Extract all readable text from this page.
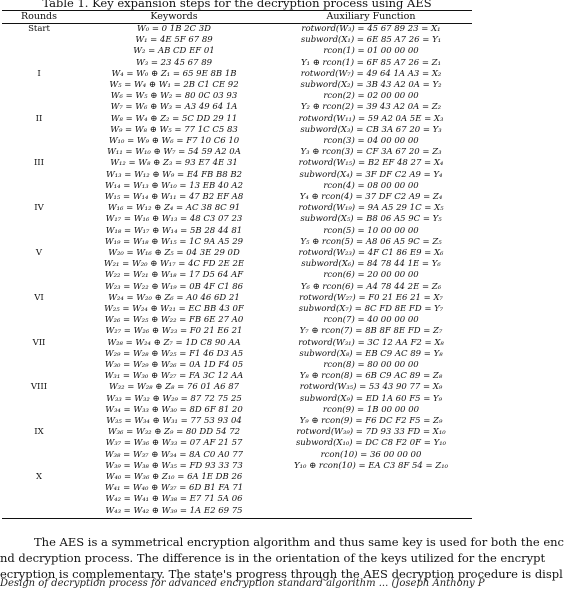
Table 1. Key expansion steps for the decryption process using AES
Rounds	Keywords	Auxiliary Function
Start	W₀ = 0 1B 2C 3D	rotword(W₃) = 45 67 89 23 = X₁
W₁ = 4E 5F 67 89	subword(X₁) = 6E 85 A7 26 = Y₁
W₂ = AB CD EF 01	rcon(1) = 01 00 00 00
W₃ = 23 45 67 89	Y₁ ⊕ rcon(1) = 6F 85 A7 26 = Z₁
I	W₄ = W₀ ⊕ Z₁ = 65 9E 8B 1B	rotword(W₇) = 49 64 1A A3 = X₂
W₅ = W₄ ⊕ W₁ = 2B C1 CE 92	subword(X₂) = 3B 43 A2 0A = Y₂
W₆ = W₅ ⊕ W₂ = 80 0C 03 93	rcon(2) = 02 00 00 00
W₇ = W₆ ⊕ W₃ = A3 49 64 1A	Y₂ ⊕ rcon(2) = 39 43 A2 0A = Z₂
II	W₈ = W₄ ⊕ Z₂ = 5C DD 29 11	rotword(W₁₁) = 59 A2 0A 5E = X₃
W₉ = W₈ ⊕ W₅ = 77 1C C5 83	subword(X₃) = CB 3A 67 20 = Y₃
W₁₀ = W₉ ⊕ W₆ = F7 10 C6 10	rcon(3) = 04 00 00 00
W₁₁ = W₁₀ ⊕ W₇ = 54 59 A2 0A	Y₃ ⊕ rcon(3) = CF 3A 67 20 = Z₃
III	W₁₂ = W₈ ⊕ Z₃ = 93 E7 4E 31	rotword(W₁₅) = B2 EF 48 27 = X₄
W₁₃ = W₁₂ ⊕ W₉ = E4 FB B8 B2	subword(X₄) = 3F DF C2 A9 = Y₄
W₁₄ = W₁₃ ⊕ W₁₀ = 13 EB 40 A2	rcon(4) = 08 00 00 00
W₁₅ = W₁₄ ⊕ W₁₁ = 47 B2 EF A8	Y₄ ⊕ rcon(4) = 37 DF C2 A9 = Z₄
IV	W₁₆ = W₁₂ ⊕ Z₄ = AC 38 8C 91	rotword(W₁₉) = 9A A5 29 1C = X₅
W₁₇ = W₁₆ ⊕ W₁₃ = 48 C3 07 23	subword(X₅) = B8 06 A5 9C = Y₅
W₁₈ = W₁₇ ⊕ W₁₄ = 5B 28 44 81	rcon(5) = 10 00 00 00
W₁₉ = W₁₈ ⊕ W₁₅ = 1C 9A A5 29	Y₅ ⊕ rcon(5) = A8 06 A5 9C = Z₅
V	W₂₀ = W₁₆ ⊕ Z₅ = 04 3E 29 0D	rotword(W₂₃) = 4F C1 86 E9 = X₆
W₂₁ = W₂₀ ⊕ W₁₇ = 4C FD 2E 2E	subword(X₆) = 84 78 44 1E = Y₆
W₂₂ = W₂₁ ⊕ W₁₈ = 17 D5 64 AF	rcon(6) = 20 00 00 00
W₂₃ = W₂₂ ⊕ W₁₉ = 0B 4F C1 86	Y₆ ⊕ rcon(6) = A4 78 44 2E = Z₆
VI	W₂₄ = W₂₀ ⊕ Z₆ = A0 46 6D 21	rotword(W₂₇) = F0 21 E6 21 = X₇
W₂₅ = W₂₄ ⊕ W₂₁ = EC BB 43 0F	subword(X₇) = 8C FD 8E FD = Y₇
W₂₆ = W₂₅ ⊕ W₂₂ = FB 6E 27 A0	rcon(7) = 40 00 00 00
W₂₇ = W₂₆ ⊕ W₂₃ = F0 21 E6 21	Y₇ ⊕ rcon(7) = 8B 8F 8E FD = Z₇
VII	W₂₈ = W₂₄ ⊕ Z₇ = 1D C8 90 AA	rotword(W₃₁) = 3C 12 AA F2 = X₈
W₂₉ = W₂₈ ⊕ W₂₅ = F1 46 D3 A5	subword(X₈) = EB C9 AC 89 = Y₈
W₃₀ = W₂₉ ⊕ W₂₆ = 0A 1D F4 05	rcon(8) = 80 00 00 00
W₃₁ = W₃₀ ⊕ W₂₇ = FA 3C 12 AA	Y₈ ⊕ rcon(8) = 6B C9 AC 89 = Z₈
VIII	W₃₂ = W₂₈ ⊕ Z₈ = 76 01 A6 87	rotword(W₃₅) = 53 43 90 77 = X₉
W₃₃ = W₃₂ ⊕ W₂₉ = 87 72 75 25	subword(X₉) = ED 1A 60 F5 = Y₉
W₃₄ = W₃₃ ⊕ W₃₀ = 8D 6F 81 20	rcon(9) = 1B 00 00 00
W₃₅ = W₃₄ ⊕ W₃₁ = 77 53 93 04	Y₉ ⊕ rcon(9) = F6 DC F2 F5 = Z₉
IX	W₃₆ = W₃₂ ⊕ Z₉ = 80 DD 54 72	rotword(W₃₉) = 7D 93 33 FD = X₁₀
W₃₇ = W₃₆ ⊕ W₃₃ = 07 AF 21 57	subword(X₁₀) = DC C8 F2 0F = Y₁₀
W₃₈ = W₃₇ ⊕ W₃₄ = 8A C0 A0 77	rcon(10) = 36 00 00 00
W₃₉ = W₃₈ ⊕ W₃₅ = FD 93 33 73	Y₁₀ ⊕ rcon(10) = EA C3 8F 54 = Z₁₀
X	W₄₀ = W₃₆ ⊕ Z₁₀ = 6A 1E DB 26
W₄₁ = W₄₀ ⊕ W₃₇ = 6D B1 FA 71
W₄₂ = W₄₁ ⊕ W₃₈ = E7 71 5A 06
W₄₃ = W₄₂ ⊕ W₃₉ = 1A E2 69 75
The AES is a symmetrical encryption algorithm and thus same key is used for both the enc
nd decryption process. The difference is in the orientation of the keys utilized for the encrypt
ecryption is complementary. The state's progress through the AES decryption procedure is displ
Design of decryption process for advanced encryption standard algorithm ... (Joseph Anthony P
